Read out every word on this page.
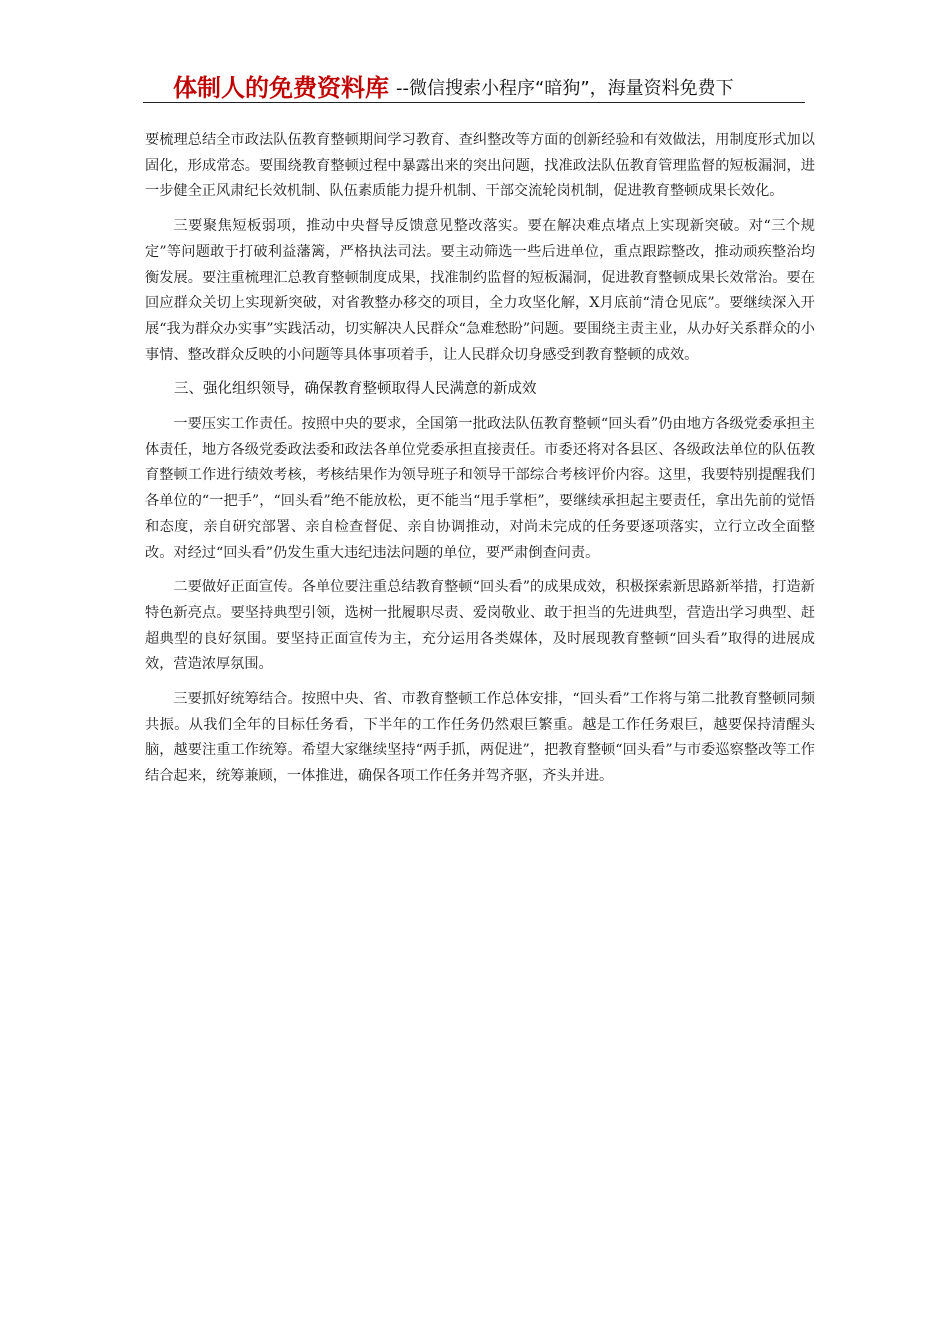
体制人的免费资料库 --微信搜索小程序“暗狗”，海量资料免费下

要梳理总结全市政法队伍教育整顿期间学习教育、查纠整改等方面的创新经验和有效做法，用制度形式加以固化，形成常态。要围绕教育整顿过程中暴露出来的突出问题，找准政法队伍教育管理监督的短板漏洞，进一步健全正风肃纪长效机制、队伍素质能力提升机制、干部交流轮岗机制，促进教育整顿成果长效化。

三要聚焦短板弱项，推动中央督导反馈意见整改落实。要在解决难点堵点上实现新突破。对“三个规定”等问题敢于打破利益藩篱，严格执法司法。要主动筛选一些后进单位，重点跟踪整改，推动顽疾整治均衡发展。要注重梳理汇总教育整顿制度成果，找准制约监督的短板漏洞，促进教育整顿成果长效常治。要在回应群众关切上实现新突破，对省教整办移交的项目，全力攻坚化解，X月底前“清仓见底”。要继续深入开展“我为群众办实事”实践活动，切实解决人民群众“急难愁盼”问题。要围绕主责主业，从办好关系群众的小事情、整改群众反映的小问题等具体事项着手，让人民群众切身感受到教育整顿的成效。

三、强化组织领导，确保教育整顿取得人民满意的新成效

一要压实工作责任。按照中央的要求，全国第一批政法队伍教育整顿“回头看”仍由地方各级党委承担主体责任，地方各级党委政法委和政法各单位党委承担直接责任。市委还将对各县区、各级政法单位的队伍教育整顿工作进行绩效考核，考核结果作为领导班子和领导干部综合考核评价内容。这里，我要特别提醒我们各单位的“一把手”，“回头看”绝不能放松，更不能当“甩手掌柜”，要继续承担起主要责任，拿出先前的觉悟和态度，亲自研究部署、亲自检查督促、亲自协调推动，对尚未完成的任务要逐项落实，立行立改全面整改。对经过“回头看”仍发生重大违纪违法问题的单位，要严肃倒查问责。

二要做好正面宣传。各单位要注重总结教育整顿“回头看”的成果成效，积极探索新思路新举措，打造新特色新亮点。要坚持典型引领，选树一批履职尽责、爱岗敬业、敢于担当的先进典型，营造出学习典型、赶超典型的良好氛围。要坚持正面宣传为主，充分运用各类媒体，及时展现教育整顿“回头看”取得的进展成效，营造浓厚氛围。

三要抓好统筹结合。按照中央、省、市教育整顿工作总体安排，“回头看”工作将与第二批教育整顿同频共振。从我们全年的目标任务看，下半年的工作任务仍然艰巨繁重。越是工作任务艰巨，越要保持清醒头脑，越要注重工作统筹。希望大家继续坚持“两手抓，两促进”，把教育整顿“回头看”与市委巡察整改等工作结合起来，统筹兼顾，一体推进，确保各项工作任务并驾齐驱，齐头并进。
